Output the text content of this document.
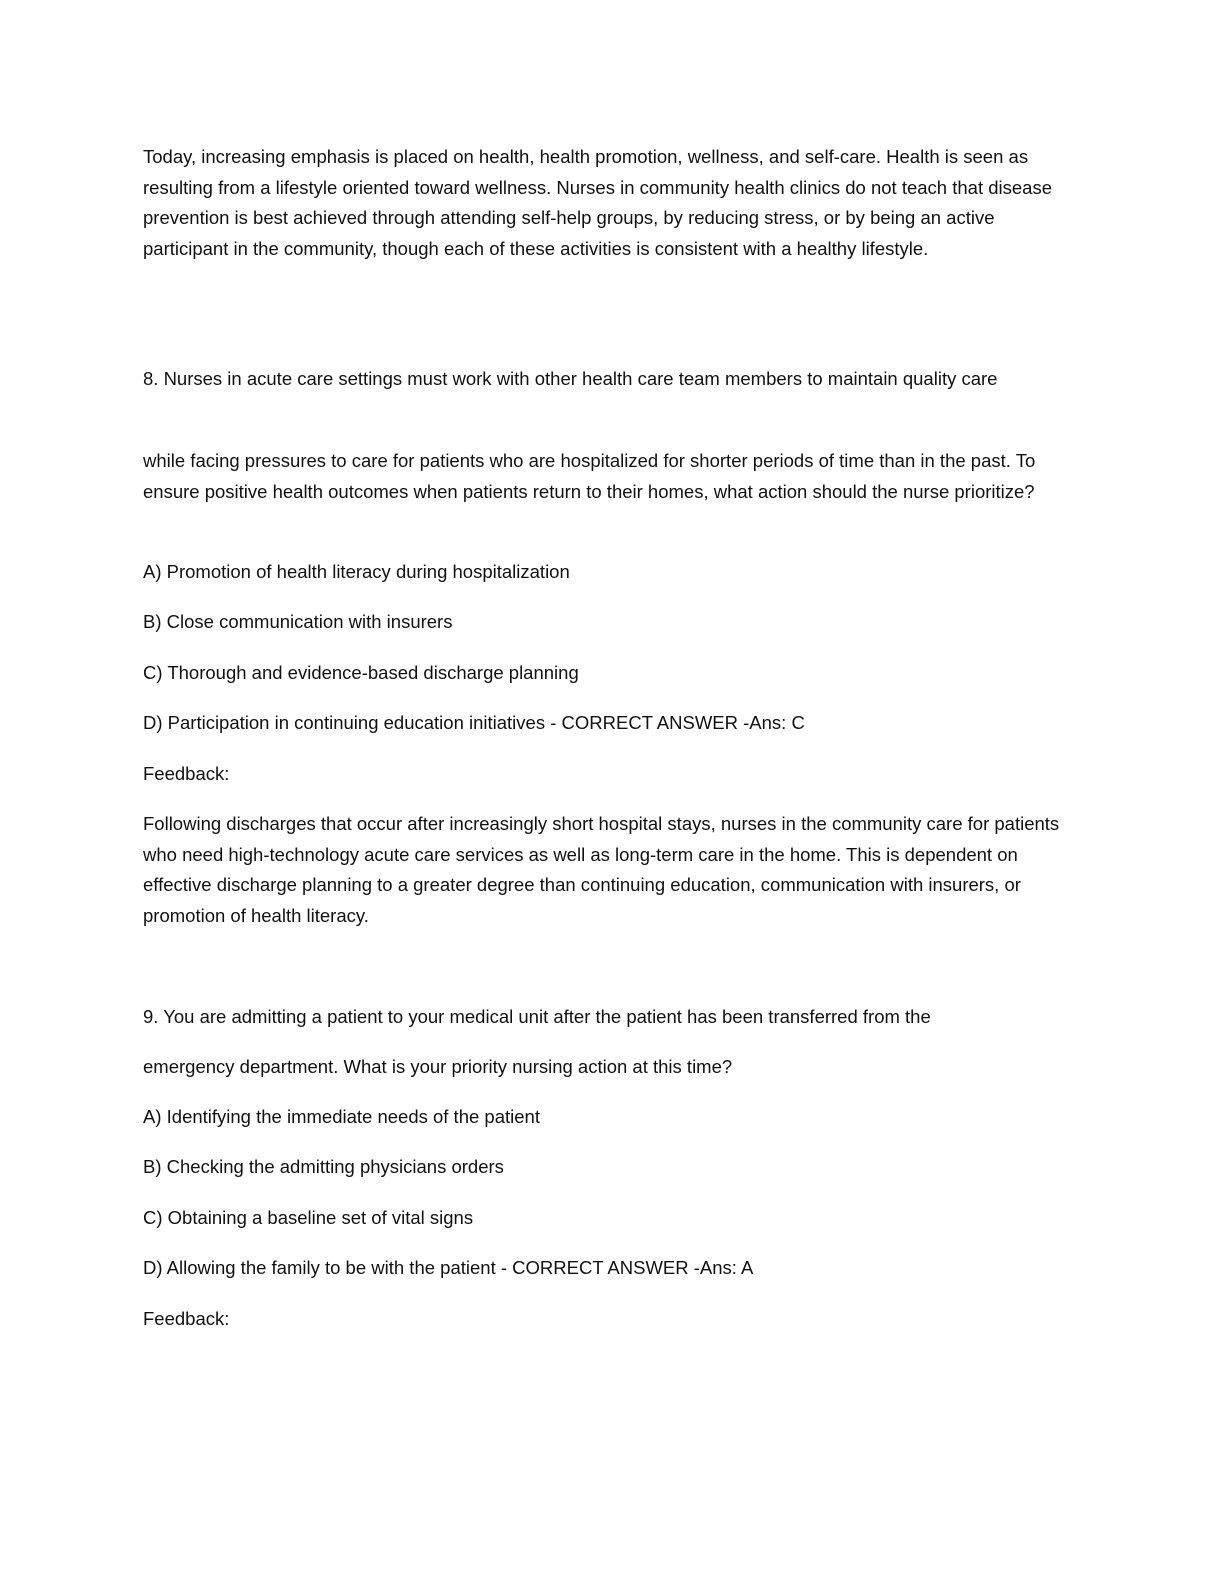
Today, increasing emphasis is placed on health, health promotion, wellness, and self-care. Health is seen as resulting from a lifestyle oriented toward wellness. Nurses in community health clinics do not teach that disease prevention is best achieved through attending self-help groups, by reducing stress, or by being an active participant in the community, though each of these activities is consistent with a healthy lifestyle.

8. Nurses in acute care settings must work with other health care team members to maintain quality care

while facing pressures to care for patients who are hospitalized for shorter periods of time than in the past. To ensure positive health outcomes when patients return to their homes, what action should the nurse prioritize?

A) Promotion of health literacy during hospitalization

B) Close communication with insurers

C) Thorough and evidence-based discharge planning

D) Participation in continuing education initiatives - CORRECT ANSWER -Ans: C

Feedback:

Following discharges that occur after increasingly short hospital stays, nurses in the community care for patients who need high-technology acute care services as well as long-term care in the home. This is dependent on effective discharge planning to a greater degree than continuing education, communication with insurers, or promotion of health literacy.

9. You are admitting a patient to your medical unit after the patient has been transferred from the

emergency department. What is your priority nursing action at this time?

A) Identifying the immediate needs of the patient

B) Checking the admitting physicians orders

C) Obtaining a baseline set of vital signs

D) Allowing the family to be with the patient - CORRECT ANSWER -Ans: A

Feedback:
